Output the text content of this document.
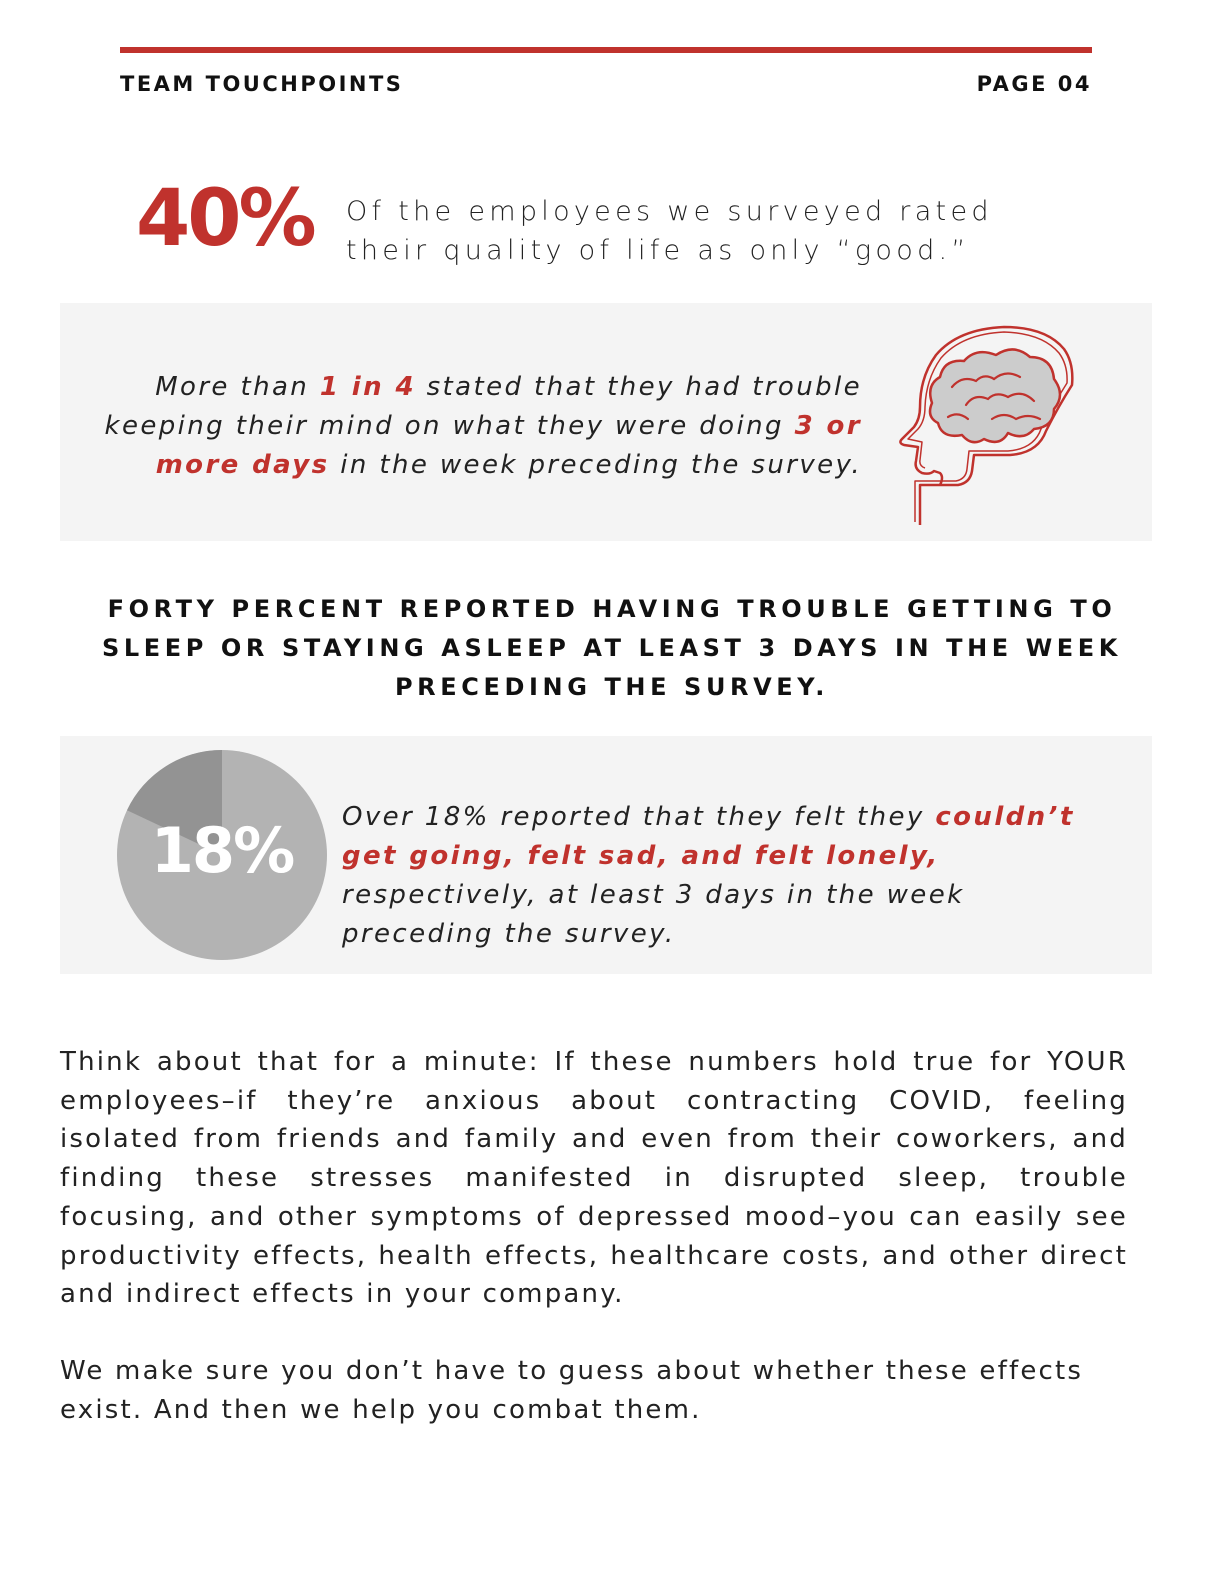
TEAM TOUCHPOINTS	PAGE 04
40% Of the employees we surveyed rated their quality of life as only “good.”
More than 1 in 4 stated that they had trouble keeping their mind on what they were doing 3 or more days in the week preceding the survey.
FORTY PERCENT REPORTED HAVING TROUBLE GETTING TO SLEEP OR STAYING ASLEEP AT LEAST 3 DAYS IN THE WEEK PRECEDING THE SURVEY.
18%	Over 18% reported that they felt they couldn’t get going, felt sad, and felt lonely, respectively, at least 3 days in the week preceding the survey.
Think about that for a minute: If these numbers hold true for YOUR employees–if they’re anxious about contracting COVID, feeling isolated from friends and family and even from their coworkers, and finding these stresses manifested in disrupted sleep, trouble focusing, and other symptoms of depressed mood–you can easily see productivity effects, health effects, healthcare costs, and other direct and indirect effects in your company.
We make sure you don’t have to guess about whether these effects exist. And then we help you combat them.
